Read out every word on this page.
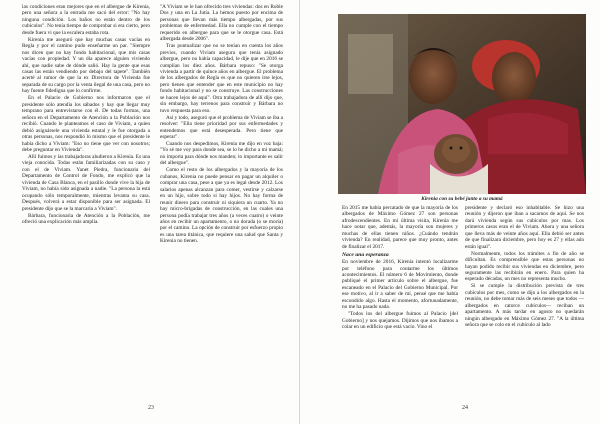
las condiciones eran mejores que en el albergue de Kirenia, pero una señora a la entrada me sacó del error: "No hay ninguna condición. Los baños no están dentro de los cubículos". No tenía tiempo de comprobar si era cierto, pero desde fuera vi que la escalera estaba rota.

Kirenia me aseguró que hay muchas casas vacías en Regla y por el camino pudo enseñarme un par. "Siempre nos dicen que no hay fondo habitacional, que mis casas vacías con propiedad. Y un día aparece alguien viviendo ahí, que nadie sabe de dónde salió. Hay la gente que esas casas las están vendiendo por debajo del tapete". También acerté al rumor de que la ex Directora de Vivienda fue separada de su cargo por la venta ilegal de una casa, pero no hay fuente fidedigna que lo confirme.

En el Palacio de Gobierno nos informaron que el presidente sólo atendía los sábados y hay que llegar muy temprano para entrevistarse con él. De todas formas, una señora en el Departamento de Atención a la Población nos recibió. Cuando le planteamos el caso de Viviam, a quien debió asignársele una vivienda estatal y le fue otorgada a otras personas, nos respondió lo mismo que el presidente le había dicho a Viviam: "Eso no tiene que ver con nosotros; debe preguntar en Vivienda".

Allí fuimos y las trabajadoras aludieron a Kirenia. Es una vieja conocida. Todas están familiarizadas con su caso y con el de Viviam. Yanet Piedra, funcionaria del Departamento de Control de Fondo, me explicó que la vivienda de Casa Blanca, en el pasillo donde vive la hija de Viviam, no había sido asignada a nadie. "La persona la está ocupando sólo temporalmente, mientras levanta su casa. Después, volverá a estar disponible para ser asignada. El presidente dijo que se la marcaría a Viviam".

Bárbara, funcionaria de Atención a la Población, me ofreció una explicación más amplia.

"A Viviam se le han ofrecido tres viviendas: dos en Roble Dos y una en La Jutía. La hemos puesto por encima de personas que llevan más tiempo albergadas, por sus problemas de enfermedad. Ella no cumple con el tiempo requerido en albergue para que se le otorgue casa. Está albergada desde 2006".

Tras puntualizar que no se tenían en cuenta los años previos, cuando Viviam asegura que tenía asignado albergue, pero no había capacidad, le dije que en 2016 se cumplían los diez años. Bárbara repuso: "Se otorga vivienda a partir de quince años en albergue. El problema de los albergados de Regla es que no quieren irse lejos, pero tienen que entender que en este municipio no hay fondo habitacional y no se construye. Las construcciones se hacen lejos de aquí". Otra trabajadora de allí dijo que, sin embargo, hay terrenos para construir y Bárbara no tuvo respuesta para eso.

Así y todo, aseguró que el problema de Viviam se iba a resolver: "Ella tiene prioridad por sus enfermedades y entendemos que está desesperada. Pero tiene que esperar".

Cuando nos despedimos, Kirenia me dijo en voz baja: "Yo sé me voy para donde sea, se lo he dicho a mi mamá; no importa para dónde nos manden; lo importante es salir del albergue".

Como el resto de los albergados y la mayoría de los cubanos, Kirenia no puede pensar en pagar un alquiler o comprar una casa, pese a que ya es legal desde 2012. Los salarios apenas alcanzan para comer, vestirse y calzarse en un hijo, sobre todo si hay hijos. No hay forma de reunir dinero para construir ni siquiera un cuarto. Ya no hay micro-brigadas de construcción, en las cuales una persona podía trabajar tres años (a veces cuatro) o veinte años en recibir un apartamento, o no dorada (o se moría) por el camino. La opción de construir por esfuerzo propio es una tarea titánica, que requiere una salud que Santa y Kirenia no tienen.

23
Kirenia con su bebé junto a su mamá

En 2015 me había percatado de que la mayoría de los albergados de Máximo Gómez 27 son personas afrodescendientes. En mi última visita, Kirenia me hace notar que, además, la mayoría son mujeres y muchas de ellas tienen niños. ¿Cuándo tendrán vivienda? En realidad, parece que muy pronto, antes de finalizar el 2017.

Nace una esperanza

En noviembre de 2016, Kirenia intentó localizarme por teléfono para contarme los últimos acontecimientos. El número 6 de Movimiento, donde publiqué el primer artículo sobre el albergue, fue escaneado en el Palacio del Gobierno Municipal. Por ese motivo, al ir a saber de mí, pensé que me había escondido algo. Hasta el momento, afortunadamente, no me ha pasado nada.

"Todos los del albergue fuimos al Palacio [del Gobierno] y nos quejamos. Dijimos que nos íbamos a colar en un edificio que está vacío. Vino el

presidente y declaró eso inhabitable. Se hizo una reunión y dijeron que iban a sacarnos de aquí. Se nos dará vivienda según sus cubículos por mas. Los primeros casos eran el de Viviam. Ahora y una señora que lleva más de veinte años aquí. Ella debió ser antes de que finalizara diciembre, pero hoy es 27 y ellas aún están igual".

Normalmente, todos los trámites a fin de año se dificultan. Es comprensible que estas personas no hayan podido recibir sus viviendas en diciembre, pero seguramente las recibirán en enero. Para quien ha esperado décadas, un mes no representa mucho.

Si se cumple la distribución prevista de tres cubículos por mes, como se dijo a los albergados en la reunión, no debe tomar más de seis meses que todos —albergados en catorce cubículos— reciban un apartamento. A más tardar en agosto no quedarán ningún albergado en Máximo Gómez 27. "A la última señora que se colo en el cubículo al lado

24
